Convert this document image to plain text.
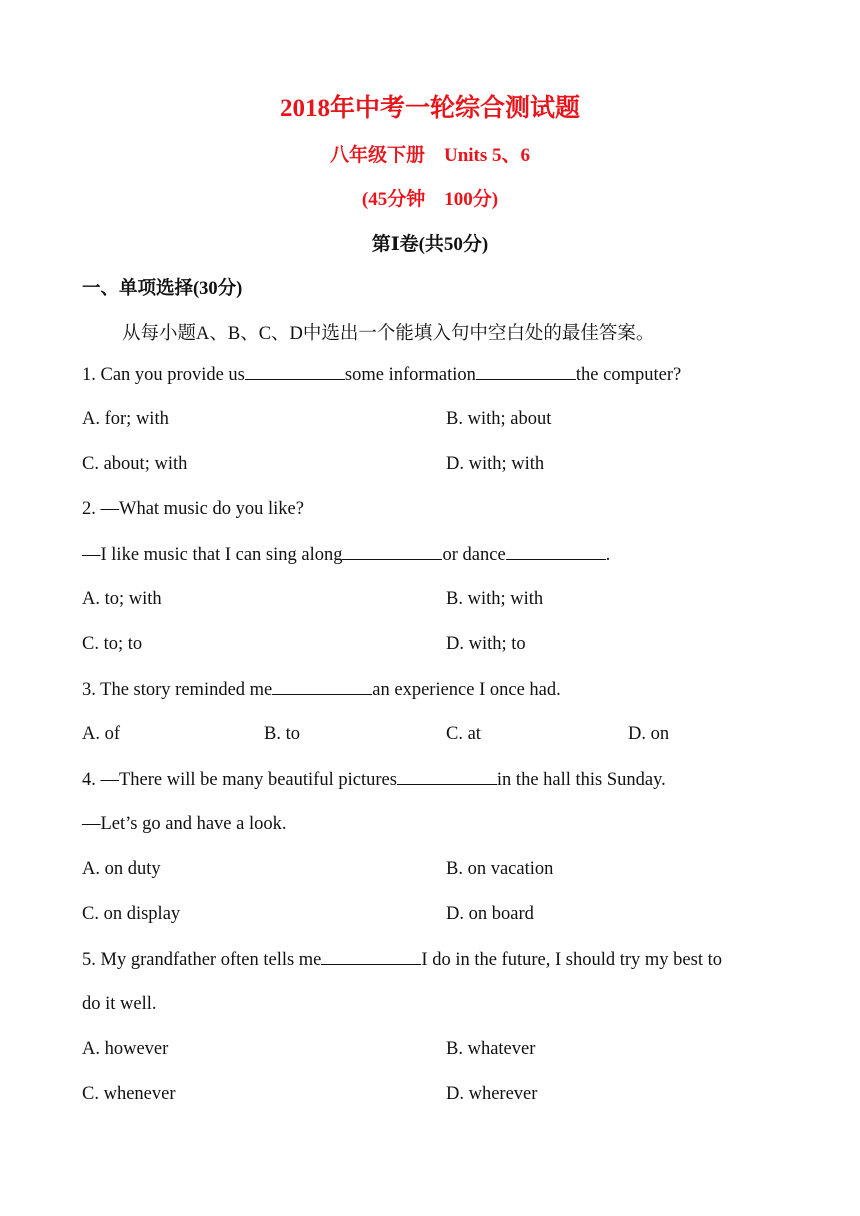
2018年中考一轮综合测试题
八年级下册　Units 5、6
(45分钟　100分)
第Ⅰ卷(共50分)
一、单项选择(30分)
从每小题A、B、C、D中选出一个能填入句中空白处的最佳答案。
1. Can you provide us	some information	the computer?
A. for; with	B. with; about
C. about; with	D. with; with
2. —What music do you like?
—I like music that I can sing along	or dance	.
A. to; with	B. with; with
C. to; to	D. with; to
3. The story reminded me	an experience I once had.
A. of	B. to	C. at	D. on
4. —There will be many beautiful pictures	in the hall this Sunday.
—Let’s go and have a look.
A. on duty	B. on vacation
C. on display	D. on board
5. My grandfather often tells me	I do in the future, I should try my best to
do it well.
A. however	B. whatever
C. whenever	D. wherever
